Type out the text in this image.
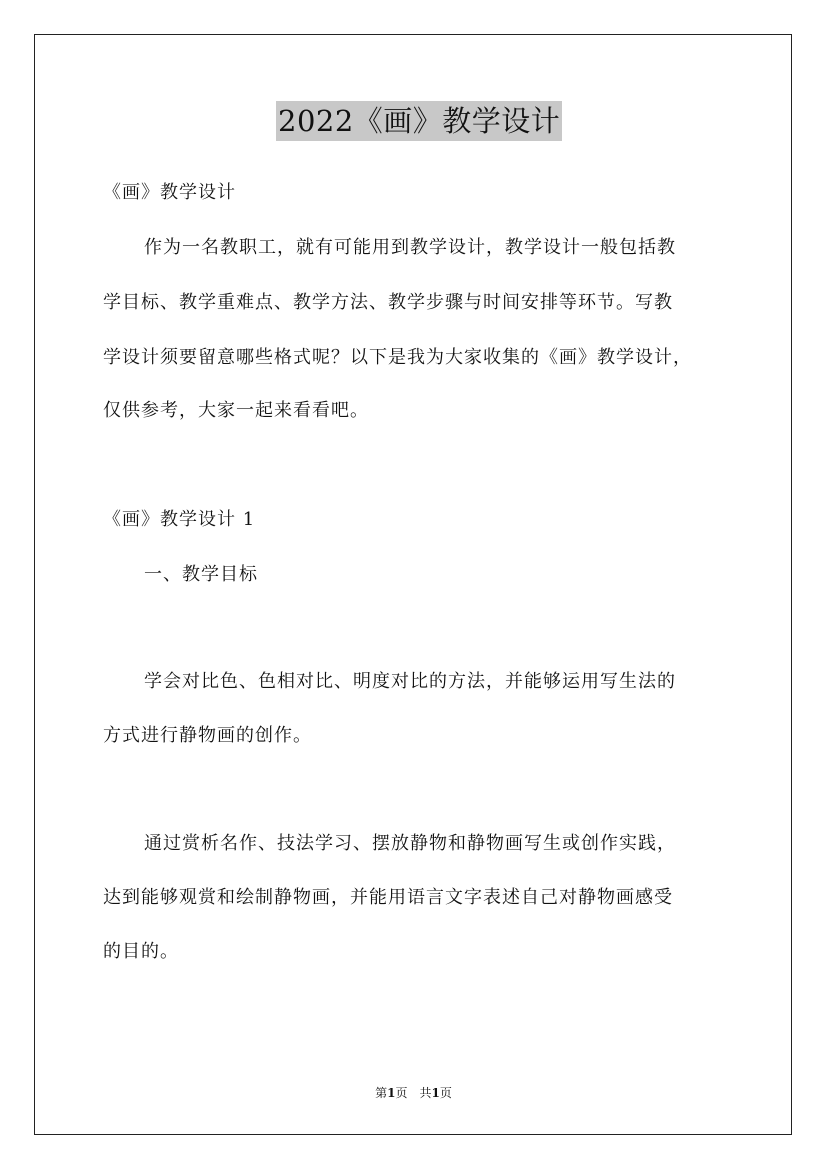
2022《画》教学设计
《画》教学设计
作为一名教职工，就有可能用到教学设计，教学设计一般包括教
学目标、教学重难点、教学方法、教学步骤与时间安排等环节。写教
学设计须要留意哪些格式呢？以下是我为大家收集的《画》教学设计，
仅供参考，大家一起来看看吧。
《画》教学设计 1
一、教学目标
学会对比色、色相对比、明度对比的方法，并能够运用写生法的
方式进行静物画的创作。
通过赏析名作、技法学习、摆放静物和静物画写生或创作实践，
达到能够观赏和绘制静物画，并能用语言文字表述自己对静物画感受
的目的。
第1页　共1页
